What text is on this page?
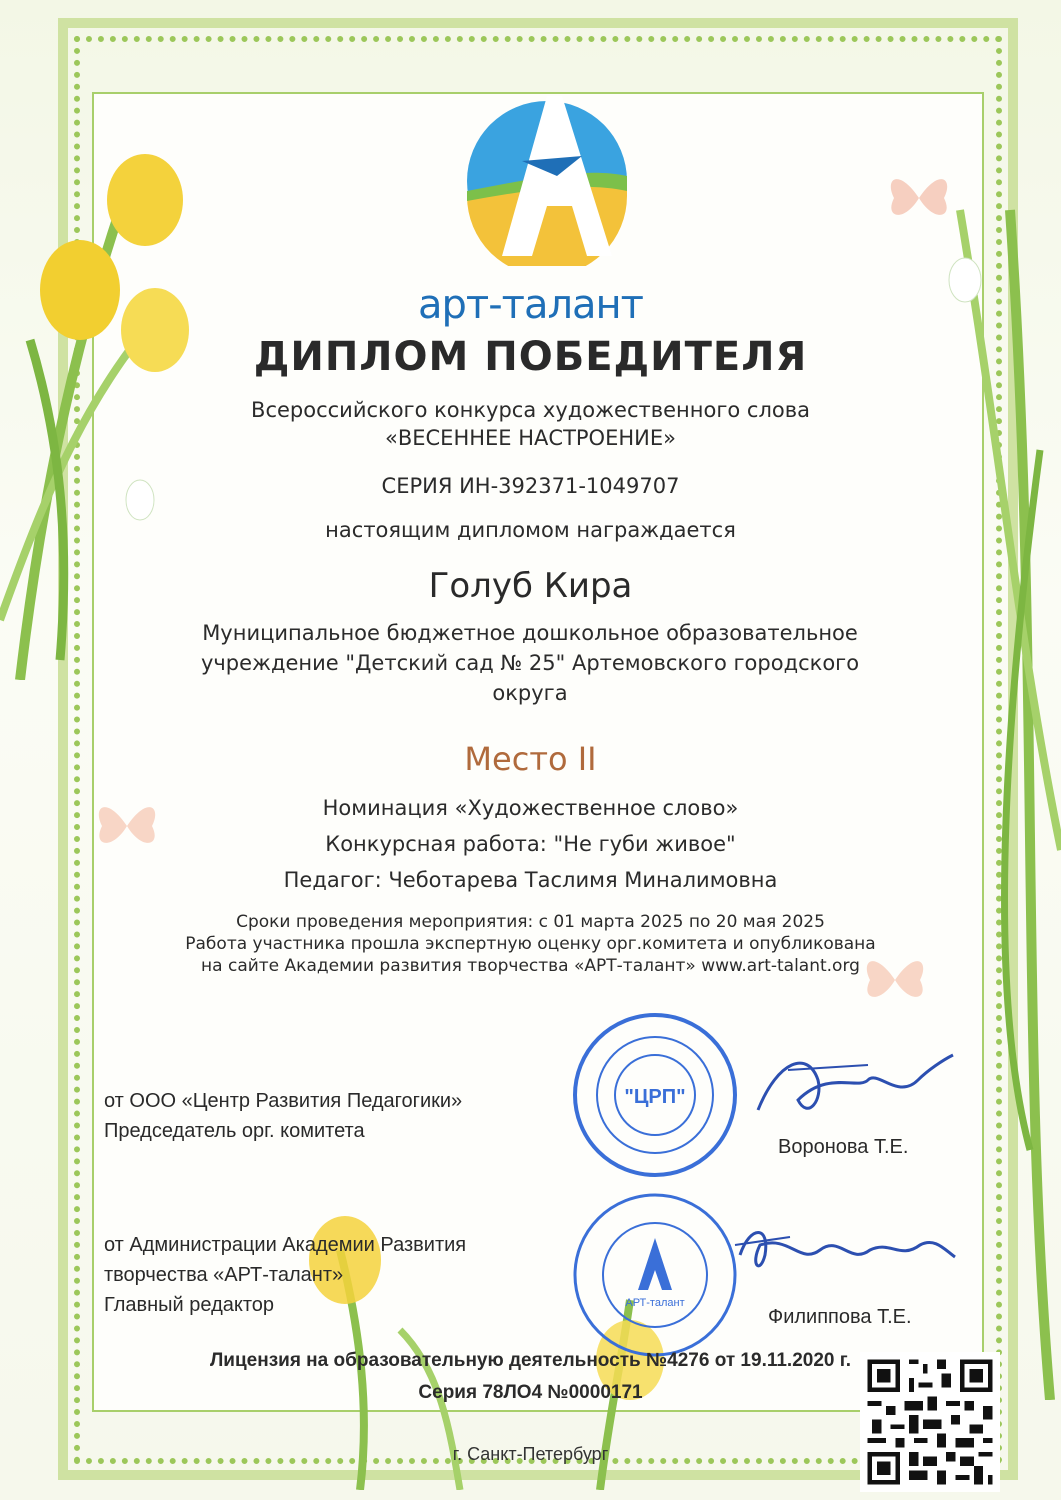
арт-талант
ДИПЛОМ ПОБЕДИТЕЛЯ
Всероссийского конкурса художественного слова
«ВЕСЕННЕЕ НАСТРОЕНИЕ»
СЕРИЯ ИН-392371-1049707
настоящим дипломом награждается
Голуб Кира
Муниципальное бюджетное дошкольное образовательное учреждение "Детский сад № 25" Артемовского городского округа
Место II
Номинация «Художественное слово»
Конкурсная работа: "Не губи живое"
Педагог: Чеботарева Таслимя Миналимовна
Сроки проведения мероприятия: с 01 марта 2025 по 20 мая 2025
Работа участника прошла экспертную оценку орг.комитета и опубликована
на сайте Академии развития творчества «АРТ-талант» www.art-talant.org
от ООО «Центр Развития Педагогики»
Председатель орг. комитета
"ЦРП"
Воронова Т.Е.
от Администрации Академии Развития
творчества «АРТ-талант»
Главный редактор	АРТ-талант
Филиппова Т.Е.
Лицензия на образовательную деятельность №4276 от 19.11.2020 г.
Серия 78ЛО4 №0000171
г. Санкт-Петербург
